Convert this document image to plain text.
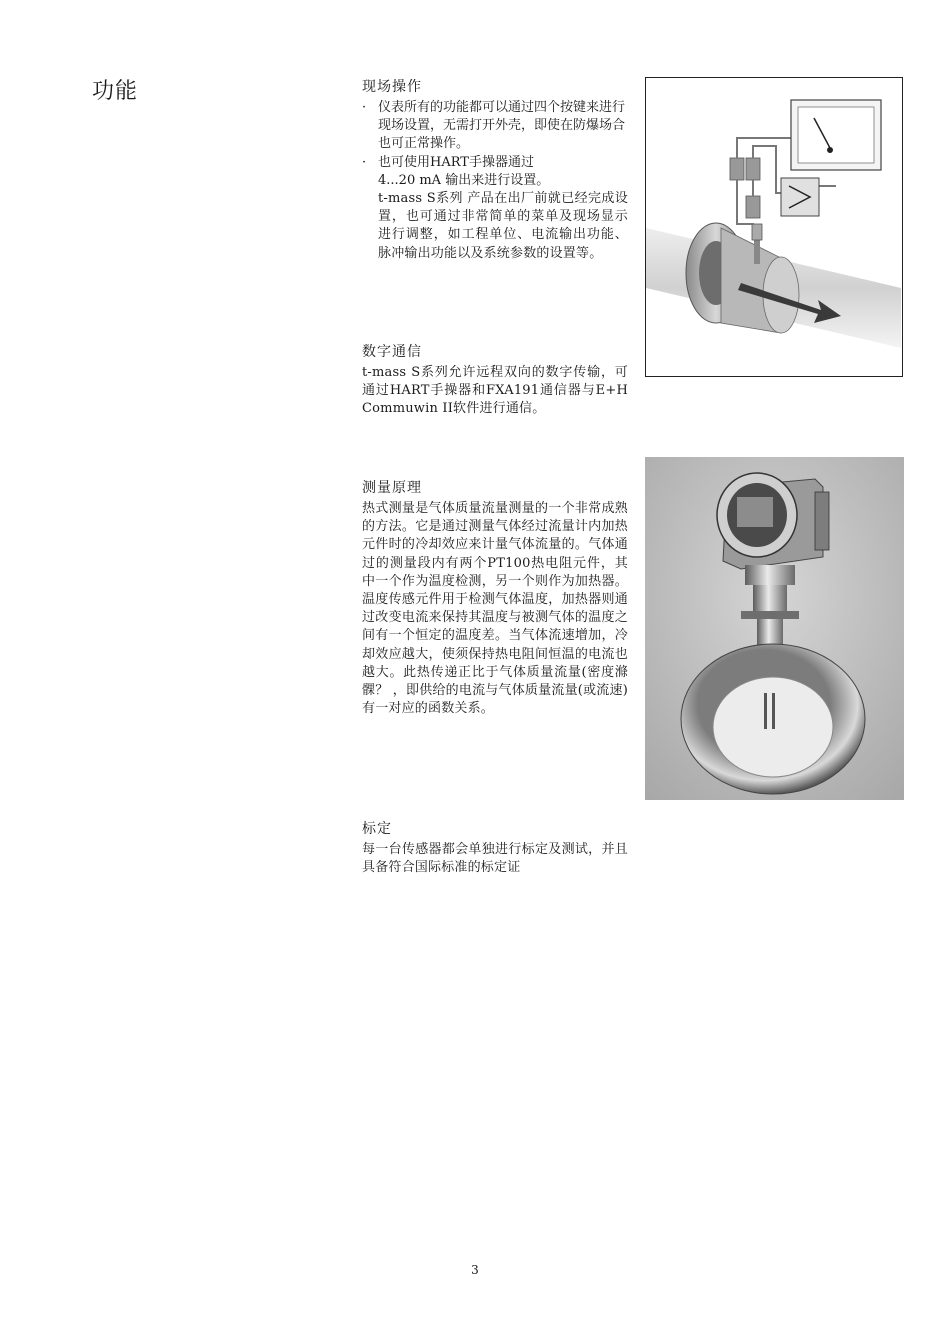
功能	现场操作
· 仪表所有的功能都可以通过四个按键来进行现场设置，无需打开外壳，即使在防爆场合也可正常操作。
· 也可使用HART手操器通过
4...20 mA 输出来进行设置。

t-mass S系列 产品在出厂前就已经完成设置，也可通过非常简单的菜单及现场显示进行调整，如工程单位、电流输出功能、脉冲输出功能以及系统参数的设置等。

数字通信

t-mass S系列允许远程双向的数字传输，可通过HART手操器和FXA191通信器与E+H Commuwin II软件进行通信。

测量原理

热式测量是气体质量流量测量的一个非常成熟的方法。它是通过测量气体经过流量计内加热元件时的冷却效应来计量气体流量的。气体通过的测量段内有两个PT100热电阻元件，其中一个作为温度检测，另一个则作为加热器。温度传感元件用于检测气体温度，加热器则通过改变电流来保持其温度与被测气体的温度之间有一个恒定的温度差。当气体流速增加，冷却效应越大，使须保持热电阻间恒温的电流也越大。此热传递正比于气体质量流量(密度滌 髁？ ，即供给的电流与气体质量流量(或流速)有一对应的函数关系。

标定

每一台传感器都会单独进行标定及测试，并且具备符合国际标准的标定证

3
